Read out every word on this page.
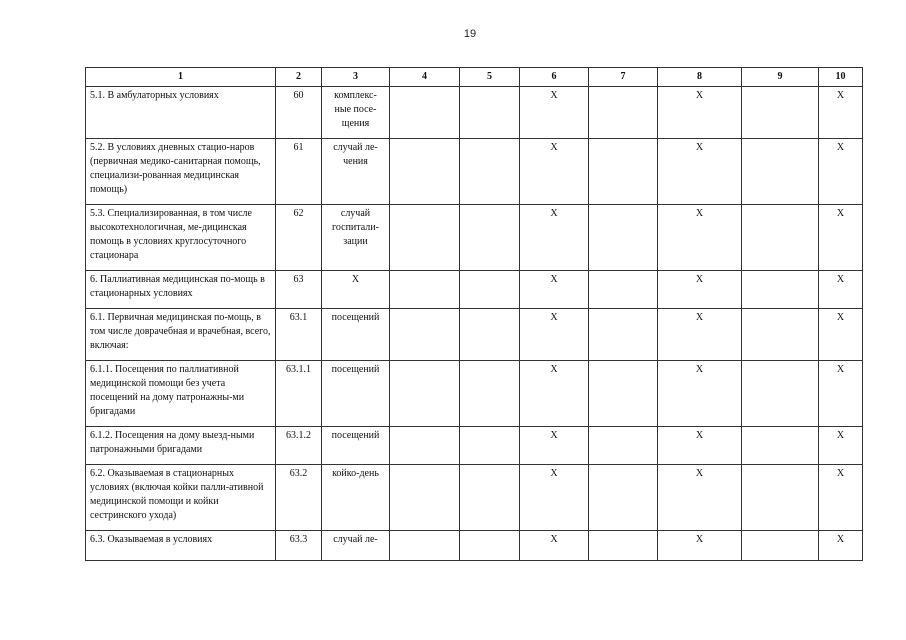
19
1	2	3	4	5	6	7	8	9	10
5.1. В амбулаторных условиях	60	комплекс-ные посе-щения			X		X		X
5.2. В условиях дневных стацио-наров (первичная медико-санитарная помощь, специализи-рованная медицинская помощь)	61	случай ле-чения			X		X		X
5.3. Специализированная, в том числе высокотехнологичная, ме-дицинская помощь в условиях круглосуточного стационара	62	случай госпитали-зации			X		X		X
6. Паллиативная медицинская по-мощь в стационарных условиях	63	X			X		X		X
6.1. Первичная медицинская по-мощь, в том числе доврачебная и врачебная, всего, включая:	63.1	посещений			X		X		X
6.1.1. Посещения по паллиативной медицинской помощи без учета посещений на дому патронажны-ми бригадами	63.1.1	посещений			X		X		X
6.1.2. Посещения на дому выезд-ными патронажными бригадами	63.1.2	посещений			X		X		X
6.2. Оказываемая в стационарных условиях (включая койки палли-ативной медицинской помощи и койки сестринского ухода)	63.2	койко-день			X		X		X
6.3. Оказываемая в условиях	63.3	случай ле-			X		X		X
